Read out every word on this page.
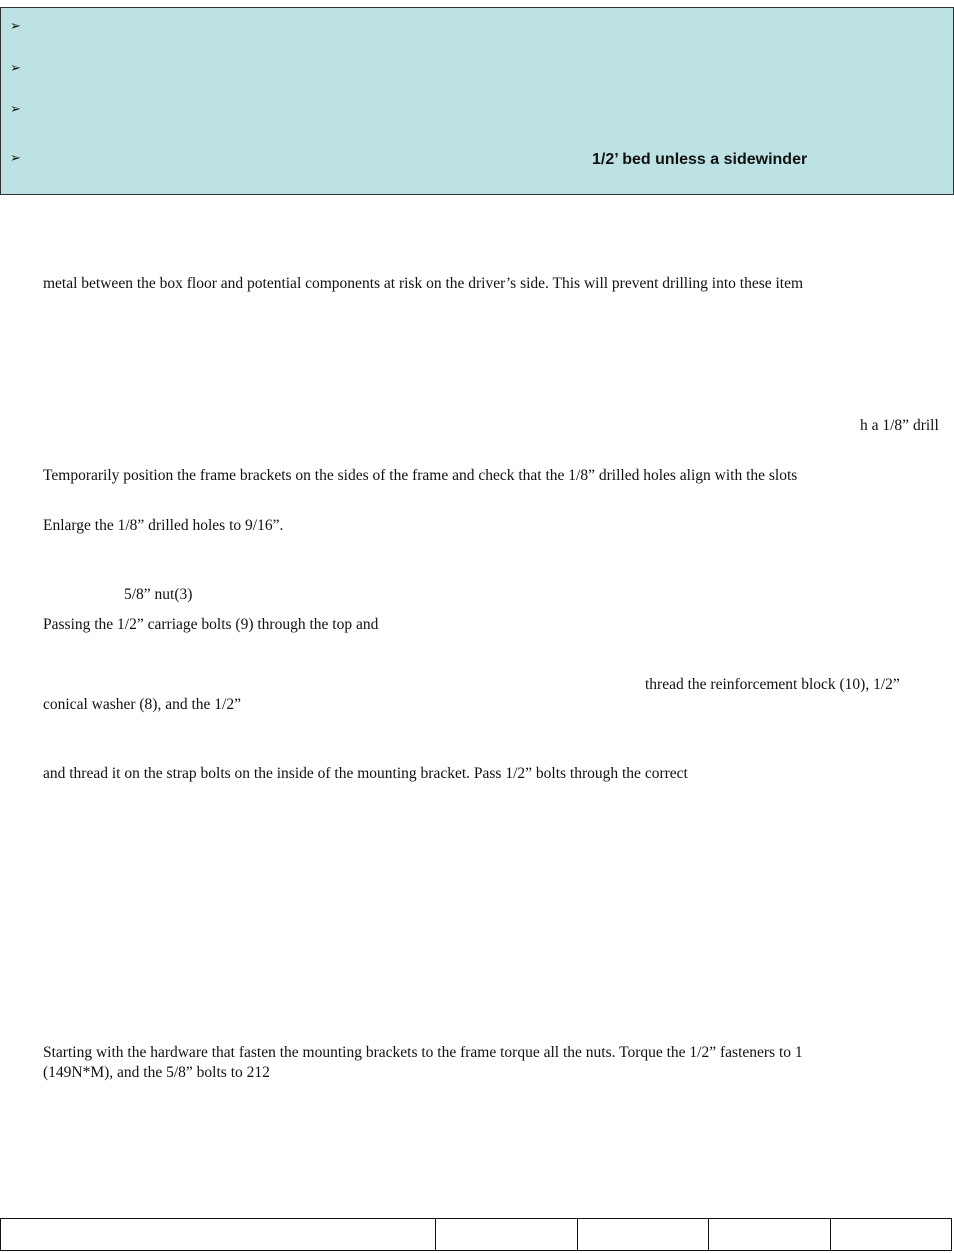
➢
➢
➢
➢	1/2’ bed unless a sidewinder
metal between the box floor and potential components at risk on the driver’s side. This will prevent drilling into these item
h a 1/8” drill
Temporarily position the frame brackets on the sides of the frame and check that the 1/8” drilled holes align with the slots
Enlarge the 1/8” drilled holes to 9/16”.
5/8” nut(3)
Passing the 1/2” carriage bolts (9) through the top and
thread the reinforcement block (10), 1/2”
conical washer (8), and the 1/2”
and thread it on the strap bolts on the inside of the mounting bracket. Pass 1/2” bolts through the correct
Starting with the hardware that fasten the mounting brackets to the frame torque all the nuts. Torque the 1/2” fasteners to 1
(149N*M), and the 5/8” bolts to 212
